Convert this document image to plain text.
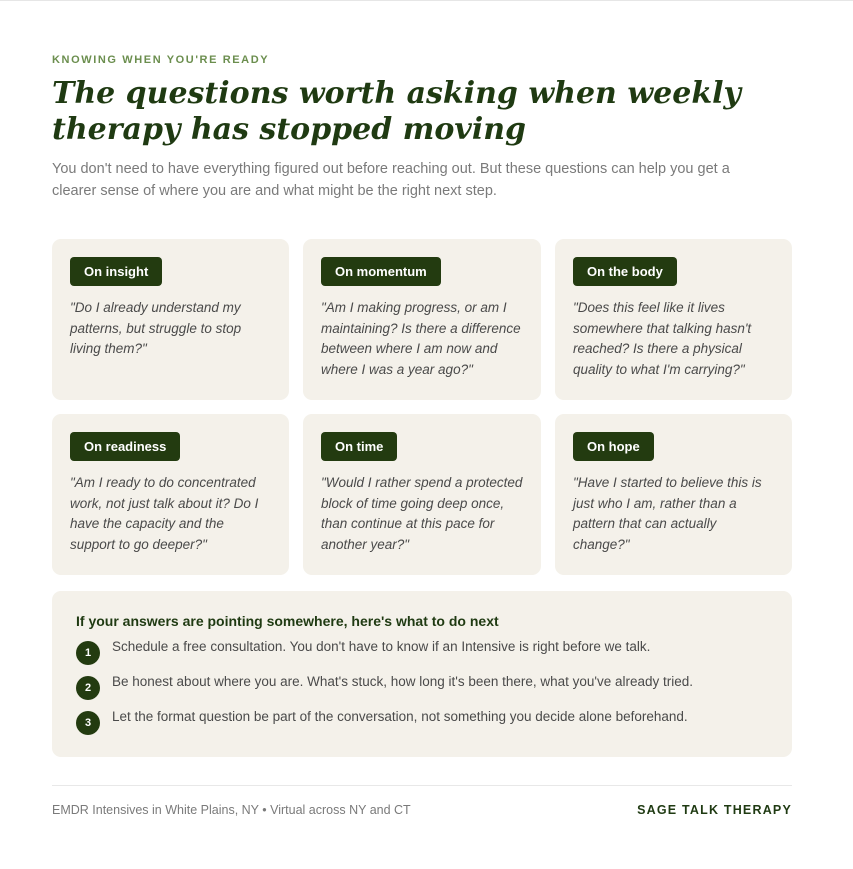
KNOWING WHEN YOU'RE READY
The questions worth asking when weekly therapy has stopped moving

You don't need to have everything figured out before reaching out. But these questions can help you get a clearer sense of where you are and what might be the right next step.

On insight

"Do I already understand my patterns, but struggle to stop living them?"

On momentum

"Am I making progress, or am I maintaining? Is there a difference between where I am now and where I was a year ago?"

On the body

"Does this feel like it lives somewhere that talking hasn't reached? Is there a physical quality to what I'm carrying?"

On readiness

"Am I ready to do concentrated work, not just talk about it? Do I have the capacity and the support to go deeper?"

On time

"Would I rather spend a protected block of time going deep once, than continue at this pace for another year?"

On hope

"Have I started to believe this is just who I am, rather than a pattern that can actually change?"

If your answers are pointing somewhere, here's what to do next
1	Schedule a free consultation. You don't have to know if an Intensive is right before we talk.
2	Be honest about where you are. What's stuck, how long it's been there, what you've already tried.
3	Let the format question be part of the conversation, not something you decide alone beforehand.
EMDR Intensives in White Plains, NY • Virtual across NY and CT	SAGE TALK THERAPY
